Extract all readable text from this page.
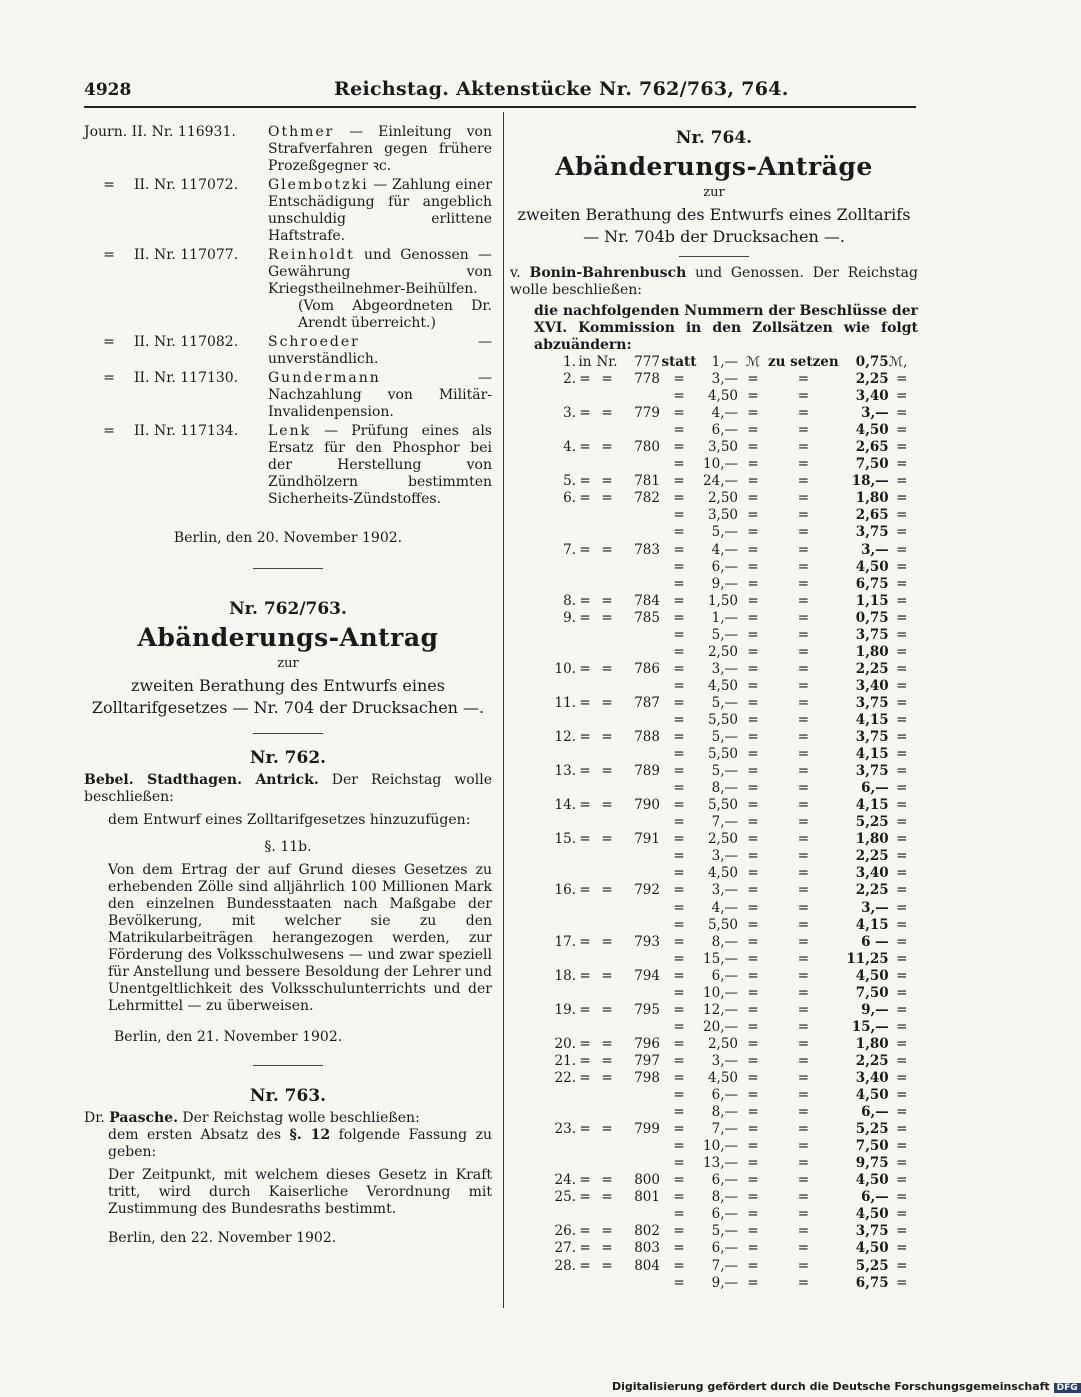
4928	Reichstag. Aktenstücke Nr. 762/763, 764.
Journ. II. Nr. 116931.	Othmer — Einleitung von Strafverfahren gegen frühere Prozeßgegner ꝛc.
= II. Nr. 117072.	Glembotzki — Zahlung einer Entschädigung für angeblich unschuldig erlittene Haftstrafe.
= II. Nr. 117077.	Reinholdt und Genossen — Gewährung von Kriegstheilnehmer-Beihülfen.
(Vom Abgeordneten Dr. Arendt überreicht.)
= II. Nr. 117082.	Schroeder — unverständlich.
= II. Nr. 117130.	Gundermann — Nachzahlung von Militär-Invalidenpension.
= II. Nr. 117134.	Lenk — Prüfung eines als Ersatz für den Phosphor bei der Herstellung von Zündhölzern bestimmten Sicherheits-Zündstoffes.
Berlin, den 20. November 1902.
Nr. 762/763.
Abänderungs-Antrag
zur
zweiten Berathung des Entwurfs eines Zolltarifgesetzes — Nr. 704 der Drucksachen —.
Nr. 762.
Bebel. Stadthagen. Antrick. Der Reichstag wolle beschließen:
dem Entwurf eines Zolltarifgesetzes hinzuzufügen:
§. 11b.
Von dem Ertrag der auf Grund dieses Gesetzes zu erhebenden Zölle sind alljährlich 100 Millionen Mark den einzelnen Bundesstaaten nach Maßgabe der Bevölkerung, mit welcher sie zu den Matrikularbeiträgen herangezogen werden, zur Förderung des Volksschulwesens — und zwar speziell für Anstellung und bessere Besoldung der Lehrer und Unentgeltlichkeit des Volksschulunterrichts und der Lehrmittel — zu überweisen.
Berlin, den 21. November 1902.
Nr. 763.
Dr. Paasche. Der Reichstag wolle beschließen:
dem ersten Absatz des §. 12 folgende Fassung zu geben:
Der Zeitpunkt, mit welchem dieses Gesetz in Kraft tritt, wird durch Kaiserliche Verordnung mit Zustimmung des Bundesraths bestimmt.
Berlin, den 22. November 1902.
Nr. 764.
Abänderungs-Anträge
zur
zweiten Berathung des Entwurfs eines Zolltarifs — Nr. 704b der Drucksachen —.
v. Bonin-Bahrenbusch und Genossen. Der Reichstag wolle beschließen:
die nachfolgenden Nummern der Beschlüsse der XVI. Kommission in den Zollsätzen wie folgt abzuändern:
1.	in	Nr.	777	statt	1,—	ℳ	zu setzen	0,75	ℳ,
2.	=	=	778	=	3,—	=	=	2,25	=
				=	4,50	=	=	3,40	=
3.	=	=	779	=	4,—	=	=	3,—	=
				=	6,—	=	=	4,50	=
4.	=	=	780	=	3,50	=	=	2,65	=
				=	10,—	=	=	7,50	=
5.	=	=	781	=	24,—	=	=	18,—	=
6.	=	=	782	=	2,50	=	=	1,80	=
				=	3,50	=	=	2,65	=
				=	5,—	=	=	3,75	=
7.	=	=	783	=	4,—	=	=	3,—	=
				=	6,—	=	=	4,50	=
				=	9,—	=	=	6,75	=
8.	=	=	784	=	1,50	=	=	1,15	=
9.	=	=	785	=	1,—	=	=	0,75	=
				=	5,—	=	=	3,75	=
				=	2,50	=	=	1,80	=
10.	=	=	786	=	3,—	=	=	2,25	=
				=	4,50	=	=	3,40	=
11.	=	=	787	=	5,—	=	=	3,75	=
				=	5,50	=	=	4,15	=
12.	=	=	788	=	5,—	=	=	3,75	=
				=	5,50	=	=	4,15	=
13.	=	=	789	=	5,—	=	=	3,75	=
				=	8,—	=	=	6,—	=
14.	=	=	790	=	5,50	=	=	4,15	=
				=	7,—	=	=	5,25	=
15.	=	=	791	=	2,50	=	=	1,80	=
				=	3,—	=	=	2,25	=
				=	4,50	=	=	3,40	=
16.	=	=	792	=	3,—	=	=	2,25	=
				=	4,—	=	=	3,—	=
				=	5,50	=	=	4,15	=
17.	=	=	793	=	8,—	=	=	6 —	=
				=	15,—	=	=	11,25	=
18.	=	=	794	=	6,—	=	=	4,50	=
				=	10,—	=	=	7,50	=
19.	=	=	795	=	12,—	=	=	9,—	=
				=	20,—	=	=	15,—	=
20.	=	=	796	=	2,50	=	=	1,80	=
21.	=	=	797	=	3,—	=	=	2,25	=
22.	=	=	798	=	4,50	=	=	3,40	=
				=	6,—	=	=	4,50	=
				=	8,—	=	=	6,—	=
23.	=	=	799	=	7,—	=	=	5,25	=
				=	10,—	=	=	7,50	=
				=	13,—	=	=	9,75	=
24.	=	=	800	=	6,—	=	=	4,50	=
25.	=	=	801	=	8,—	=	=	6,—	=
				=	6,—	=	=	4,50	=
26.	=	=	802	=	5,—	=	=	3,75	=
27.	=	=	803	=	6,—	=	=	4,50	=
28.	=	=	804	=	7,—	=	=	5,25	=
				=	9,—	=	=	6,75	=
Digitalisierung gefördert durch die Deutsche Forschungsgemeinschaft DFG
